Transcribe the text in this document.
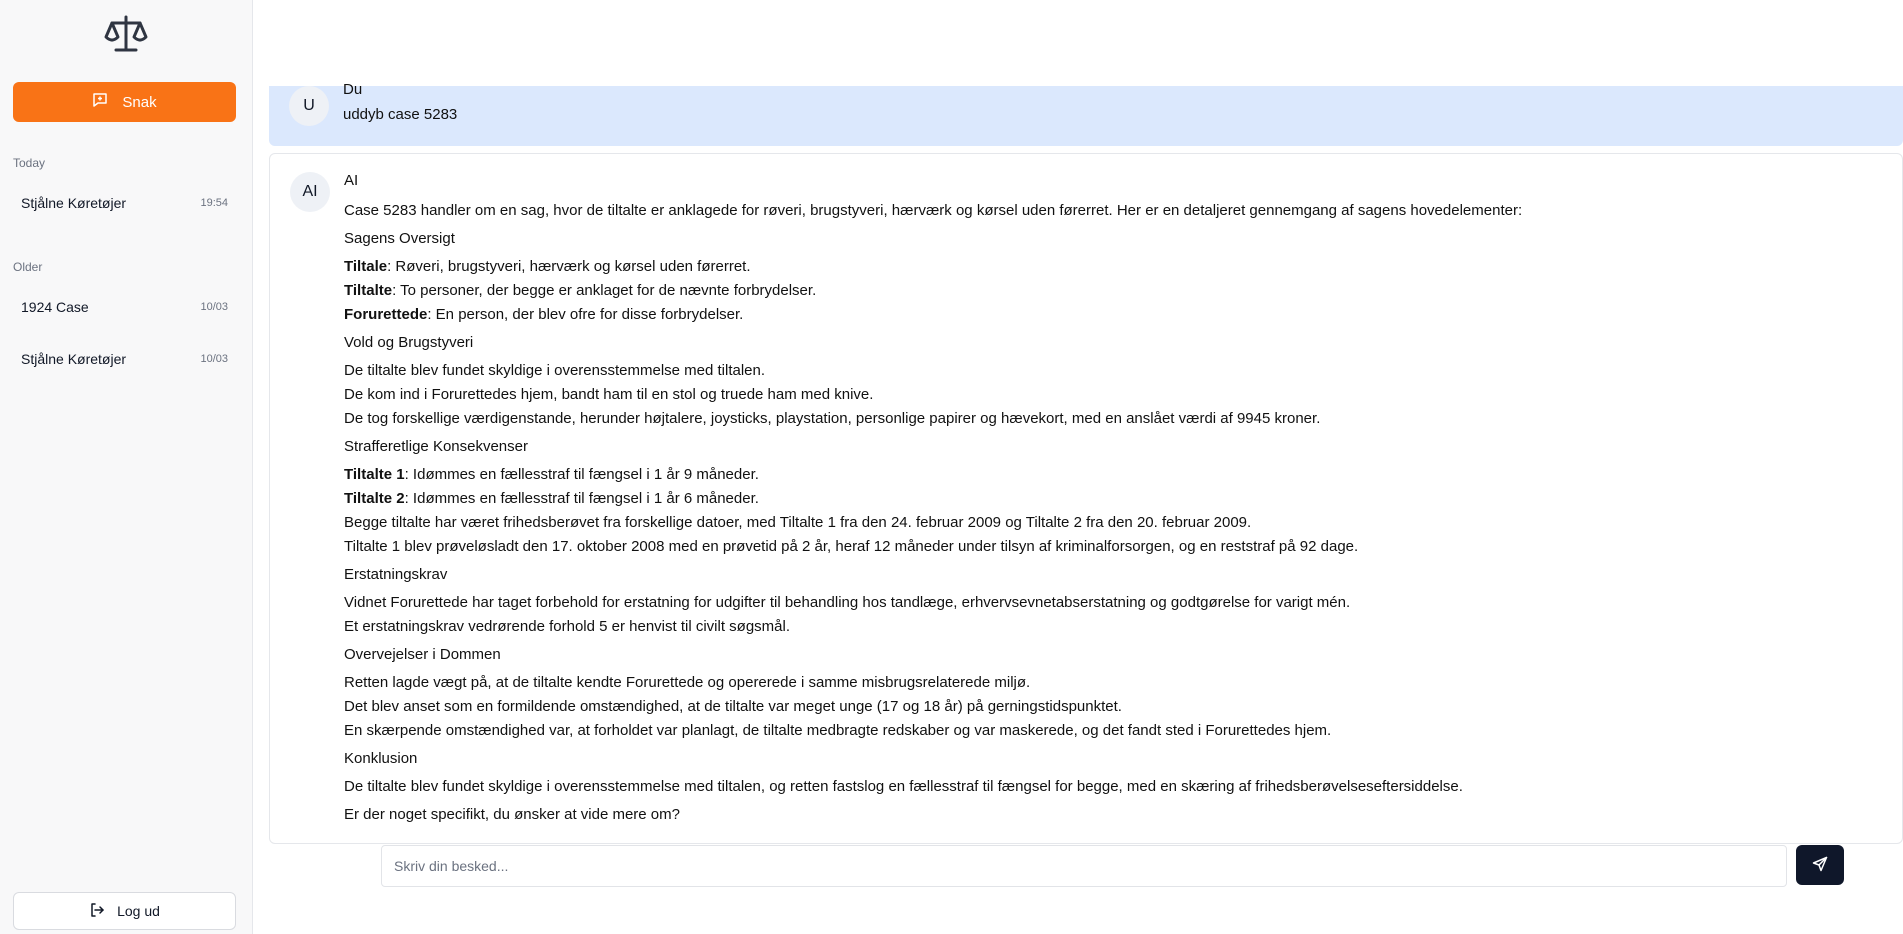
Snak
Today
Stjålne Køretøjer	19:54
Older
1924 Case	10/03
Stjålne Køretøjer	10/03
Log ud
U
Du
uddyb case 5283
AI
AI
Case 5283 handler om en sag, hvor de tiltalte er anklagede for røveri, brugstyveri, hærværk og kørsel uden førerret. Her er en detaljeret gennemgang af sagens hovedelementer:
Sagens Oversigt
Tiltale: Røveri, brugstyveri, hærværk og kørsel uden førerret.
Tiltalte: To personer, der begge er anklaget for de nævnte forbrydelser.
Forurettede: En person, der blev ofre for disse forbrydelser.
Vold og Brugstyveri
De tiltalte blev fundet skyldige i overensstemmelse med tiltalen.
De kom ind i Forurettedes hjem, bandt ham til en stol og truede ham med knive.
De tog forskellige værdigenstande, herunder højtalere, joysticks, playstation, personlige papirer og hævekort, med en anslået værdi af 9945 kroner.
Strafferetlige Konsekvenser
Tiltalte 1: Idømmes en fællesstraf til fængsel i 1 år 9 måneder.
Tiltalte 2: Idømmes en fællesstraf til fængsel i 1 år 6 måneder.
Begge tiltalte har været frihedsberøvet fra forskellige datoer, med Tiltalte 1 fra den 24. februar 2009 og Tiltalte 2 fra den 20. februar 2009.
Tiltalte 1 blev prøveløsladt den 17. oktober 2008 med en prøvetid på 2 år, heraf 12 måneder under tilsyn af kriminalforsorgen, og en reststraf på 92 dage.
Erstatningskrav
Vidnet Forurettede har taget forbehold for erstatning for udgifter til behandling hos tandlæge, erhvervsevnetabserstatning og godtgørelse for varigt mén.
Et erstatningskrav vedrørende forhold 5 er henvist til civilt søgsmål.
Overvejelser i Dommen
Retten lagde vægt på, at de tiltalte kendte Forurettede og opererede i samme misbrugsrelaterede miljø.
Det blev anset som en formildende omstændighed, at de tiltalte var meget unge (17 og 18 år) på gerningstidspunktet.
En skærpende omstændighed var, at forholdet var planlagt, de tiltalte medbragte redskaber og var maskerede, og det fandt sted i Forurettedes hjem.
Konklusion
De tiltalte blev fundet skyldige i overensstemmelse med tiltalen, og retten fastslog en fællesstraf til fængsel for begge, med en skæring af frihedsberøvelseseftersiddelse.
Er der noget specifikt, du ønsker at vide mere om?
Skriv din besked...
